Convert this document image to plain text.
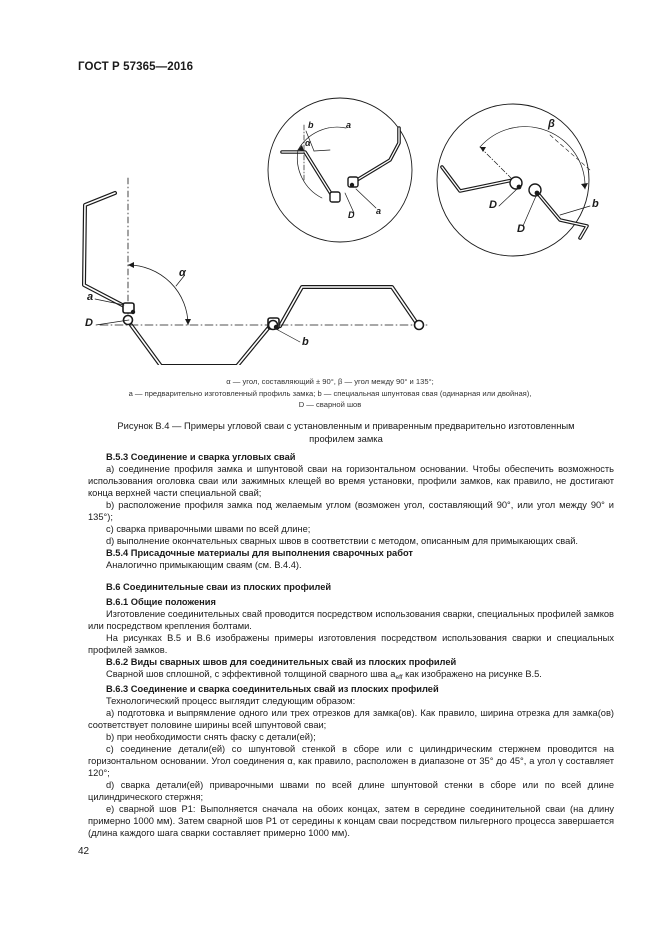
ГОСТ Р 57365—2016
α
a
D
b
b
α
a
a
D
β
D
D
b
α — угол, составляющий ± 90°, β — угол между 90° и 135°;
a — предварительно изготовленный профиль замка; b — специальная шпунтовая свая (одинарная или двойная),
D — сварной шов
Рисунок В.4 — Примеры угловой сваи с установленным и приваренным предварительно изготовленным
профилем замка

В.5.3 Соединение и сварка угловых свай

а) соединение профиля замка и шпунтовой сваи на горизонтальном основании. Чтобы обеспечить возможность использования оголовка сваи или зажимных клещей во время установки, профили замков, как правило, не достигают конца верхней части специальной свай;

b) расположение профиля замка под желаемым углом (возможен угол, составляющий 90°, или угол между 90° и 135°);

с) сварка приварочными швами по всей длине;

d) выполнение окончательных сварных швов в соответствии с методом, описанным для примыкающих свай.

В.5.4 Присадочные материалы для выполнения сварочных работ

Аналогично примыкающим сваям (см. В.4.4).

В.6 Соединительные сваи из плоских профилей

В.6.1 Общие положения

Изготовление соединительных свай проводится посредством использования сварки, специальных профилей замков или посредством крепления болтами.

На рисунках В.5 и В.6 изображены примеры изготовления посредством использования сварки и специальных профилей замков.

В.6.2 Виды сварных швов для соединительных свай из плоских профилей

Сварной шов сплошной, с эффективной толщиной сварного шва $a_{eff}$ как изображено на рисунке В.5.

В.6.3 Соединение и сварка соединительных свай из плоских профилей

Технологический процесс выглядит следующим образом:

а) подготовка и выпрямление одного или трех отрезков для замка(ов). Как правило, ширина отрезка для замка(ов) соответствует половине ширины всей шпунтовой сваи;

b) при необходимости снять фаску с детали(ей);

с) соединение детали(ей) со шпунтовой стенкой в сборе или с цилиндрическим стержнем проводится на горизонтальном основании. Угол соединения α, как правило, расположен в диапазоне от 35° до 45°, а угол γ составляет 120°;

d) сварка детали(ей) приварочными швами по всей длине шпунтовой стенки в сборе или по всей длине цилиндрического стержня;

е) сварной шов Р1: Выполняется сначала на обоих концах, затем в середине соединительной сваи (на длину примерно 1000 мм). Затем сварной шов Р1 от середины к концам сваи посредством пильгерного процесса завершается (длина каждого шага сварки составляет примерно 1000 мм).

42
